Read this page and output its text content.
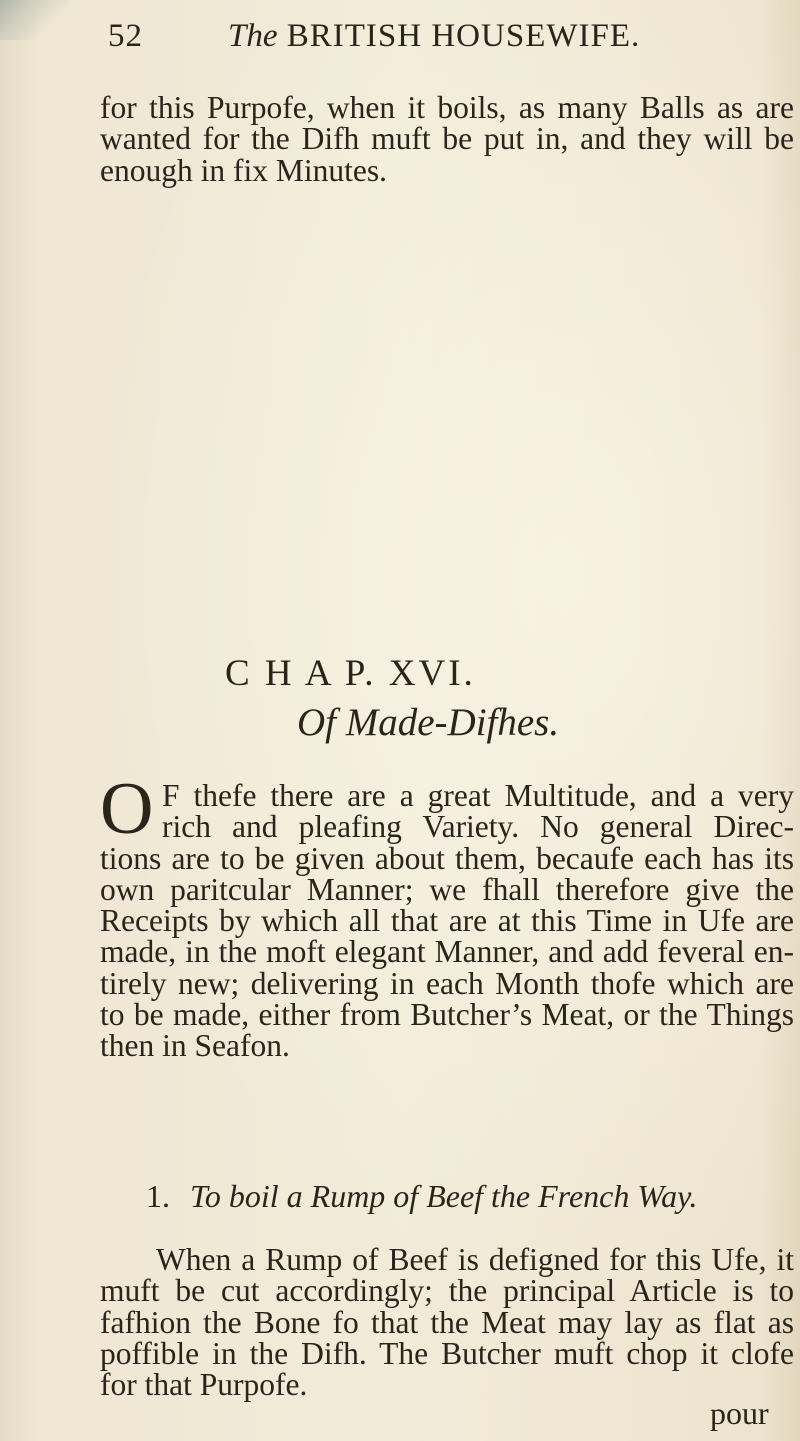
52	The BRITISH HOUSEWIFE.
for this Purpofe, when it boils, as many Balls as are
wanted for the Difh muft be put in, and they will be
enough in fix Minutes.
C H A P. XVI.
Of Made-Difhes.
O F thefe there are a great Multitude, and a very
rich and pleafing Variety. No general Direc-
tions are to be given about them, becaufe each has its
own paritcular Manner; we fhall therefore give the
Receipts by which all that are at this Time in Ufe are
made, in the moft elegant Manner, and add feveral en-
tirely new; delivering in each Month thofe which are
to be made, either from Butcher’s Meat, or the Things
then in Seafon.
1. To boil a Rump of Beef the French Way.
When a Rump of Beef is defigned for this Ufe, it
muft be cut accordingly; the principal Article is to
fafhion the Bone fo that the Meat may lay as flat as
poffible in the Difh. The Butcher muft chop it clofe
for that Purpofe.
pour
